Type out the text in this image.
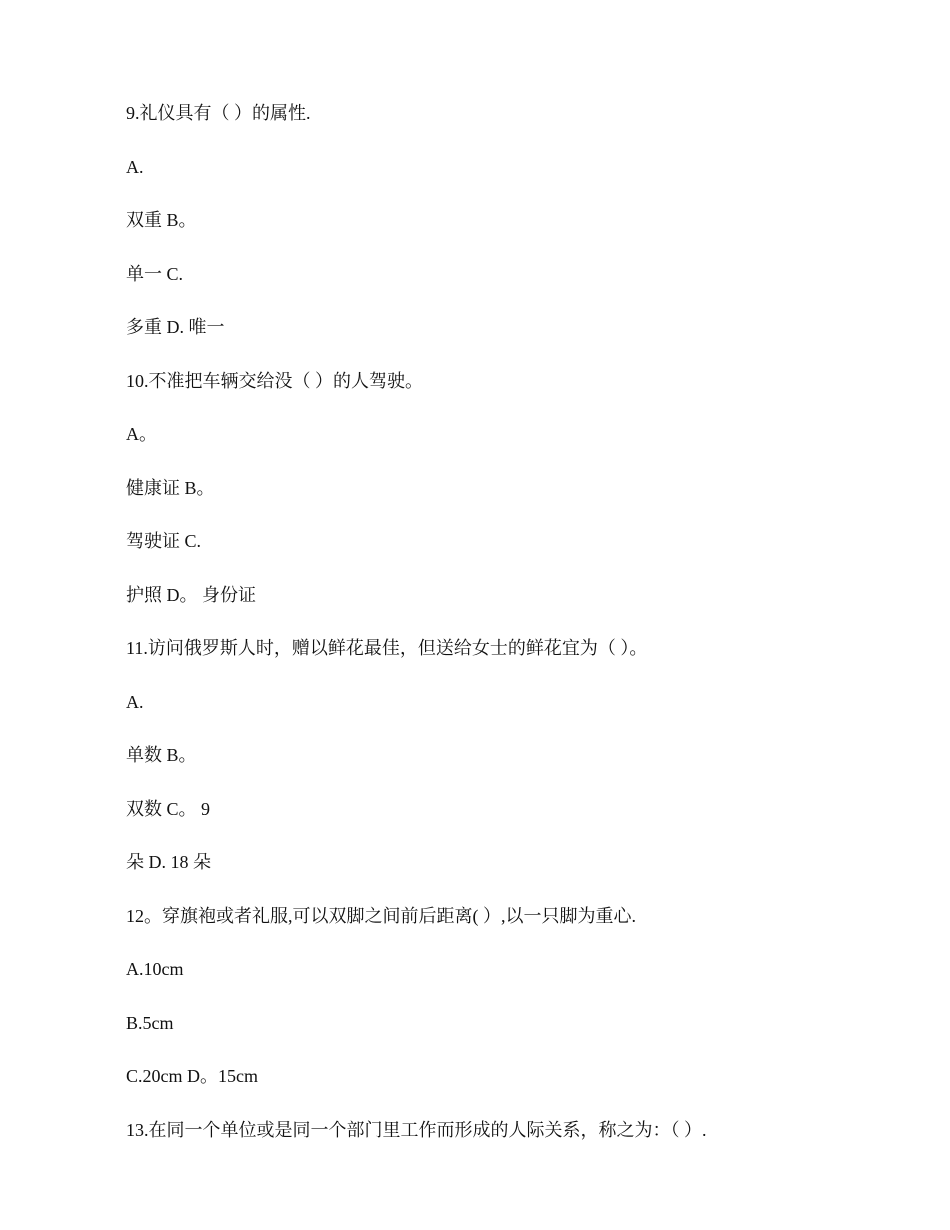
9.礼仪具有（ ）的属性.
A.
双重 B。
单一 C.
多重 D. 唯一
10.不准把车辆交给没（ ）的人驾驶。
A。
健康证 B。
驾驶证 C.
护照 D。 身份证
11.访问俄罗斯人时，赠以鲜花最佳，但送给女士的鲜花宜为（ ）。
A.
单数 B。
双数 C。 9
朵 D. 18 朵
12。穿旗袍或者礼服,可以双脚之间前后距离( ）,以一只脚为重心.
A.10cm
B.5cm
C.20cm D。15cm
13.在同一个单位或是同一个部门里工作而形成的人际关系，称之为：（ ）.
